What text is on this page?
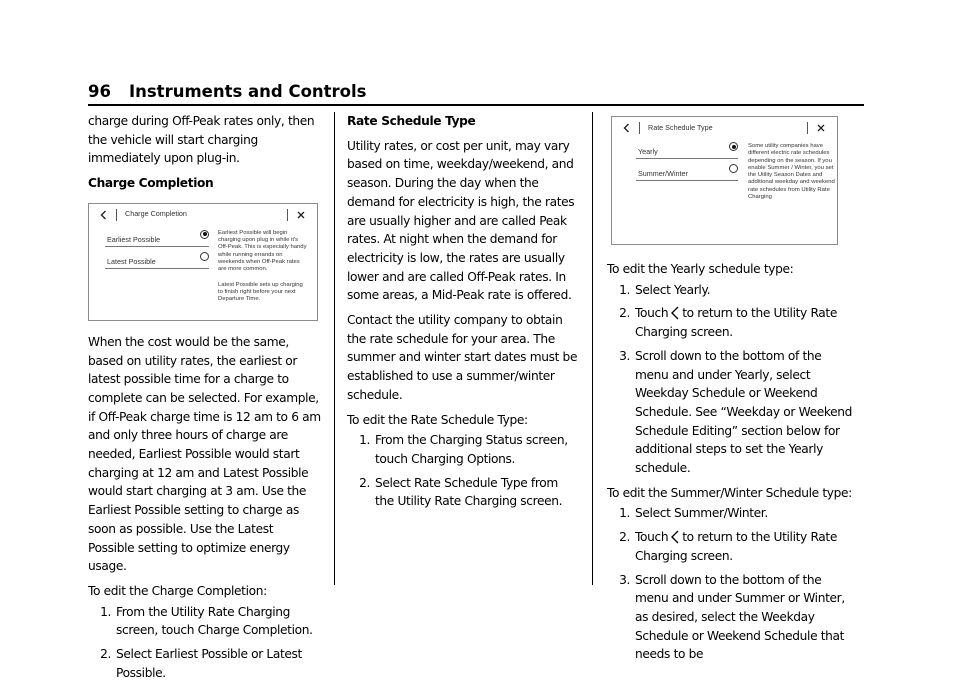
96 Instruments and Controls

charge during Off-Peak rates only, then the vehicle will start charging immediately upon plug-in.

Charge Completion

Charge Completion
Earliest Possible
Latest Possible
Earliest Possible will begin charging upon plug in while it's Off-Peak. This is especially handy while running errands on weekends when Off-Peak rates are more common.
Latest Possible sets up charging to finish right before your next Departure Time.

When the cost would be the same, based on utility rates, the earliest or latest possible time for a charge to complete can be selected. For example, if Off-Peak charge time is 12 am to 6 am and only three hours of charge are needed, Earliest Possible would start charging at 12 am and Latest Possible would start charging at 3 am. Use the Earliest Possible setting to charge as soon as possible. Use the Latest Possible setting to optimize energy usage.

To edit the Charge Completion:

1. From the Utility Rate Charging screen, touch Charge Completion.
2. Select Earliest Possible or Latest Possible.

Rate Schedule Type

Utility rates, or cost per unit, may vary based on time, weekday/weekend, and season. During the day when the demand for electricity is high, the rates are usually higher and are called Peak rates. At night when the demand for electricity is low, the rates are usually lower and are called Off-Peak rates. In some areas, a Mid-Peak rate is offered.

Contact the utility company to obtain the rate schedule for your area. The summer and winter start dates must be established to use a summer/winter schedule.

To edit the Rate Schedule Type:

1. From the Charging Status screen, touch Charging Options.
2. Select Rate Schedule Type from the Utility Rate Charging screen.
Rate Schedule Type
Yearly
Summer/Winter
Some utility companies have different electric rate schedules depending on the season. If you enable Summer / Winter, you set the Utility Season Dates and additional weekday and weekend rate schedules from Utility Rate Charging

To edit the Yearly schedule type:

1. Select Yearly.
2. Touch to return to the Utility Rate Charging screen.
3. Scroll down to the bottom of the menu and under Yearly, select Weekday Schedule or Weekend Schedule. See “Weekday or Weekend Schedule Editing” section below for additional steps to set the Yearly schedule.

To edit the Summer/Winter Schedule type:

1. Select Summer/Winter.
2. Touch to return to the Utility Rate Charging screen.
3. Scroll down to the bottom of the menu and under Summer or Winter, as desired, select the Weekday Schedule or Weekend Schedule that needs to be
